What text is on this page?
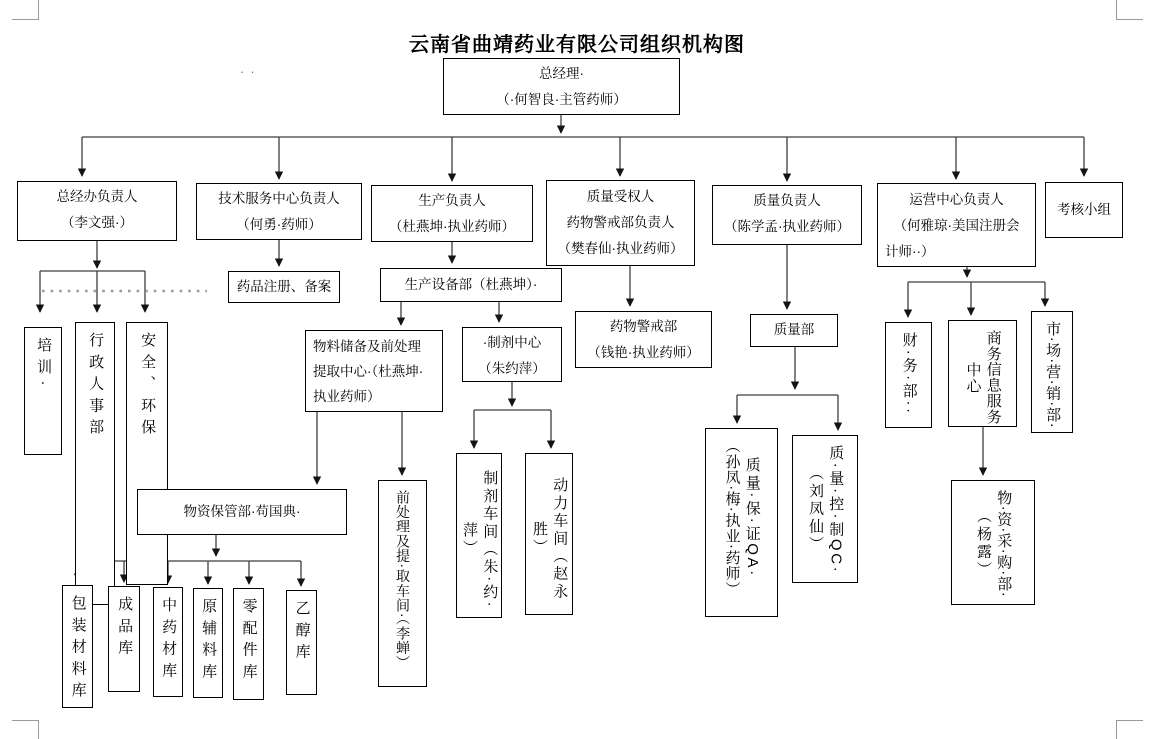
云南省曲靖药业有限公司组织机构图
··	总经理·
（·何智良·主管药师）
总经办负责人
（李文强·）
技术服务中心负责人
（何勇·药师）
生产负责人
（杜燕坤·执业药师）
质量受权人
药物警戒部负责人
（樊春仙·执业药师）
质量负责人
（陈学孟·执业药师）
运营中心负责人
（何雅琼·美国注册会
计师··）
考核小组
培训· 行政人事部 安全、环保
药品注册、备案	生产设备部（杜燕坤）·
物料储备及前处理
提取中心·（杜燕坤·
执业药师）
·制剂中心
（朱约萍）
物资保管部·苟国典·
包装材料库 成品库 中药材库 原辅料库 零配件库 乙醇库	前处理及提·取车间·（李蝉）	制剂车间（朱·约·萍）	动力车间（赵永胜）
药物警戒部
（钱艳·执业药师）
质量部
质量·保·证QA·
（孙凤·梅·执业·药师）	质·量·控·制QC·
（刘凤仙）
财·务·部··	商务信息服务
中心	市·场·营·销·部·
物·资·采·购·部·
（杨露）
